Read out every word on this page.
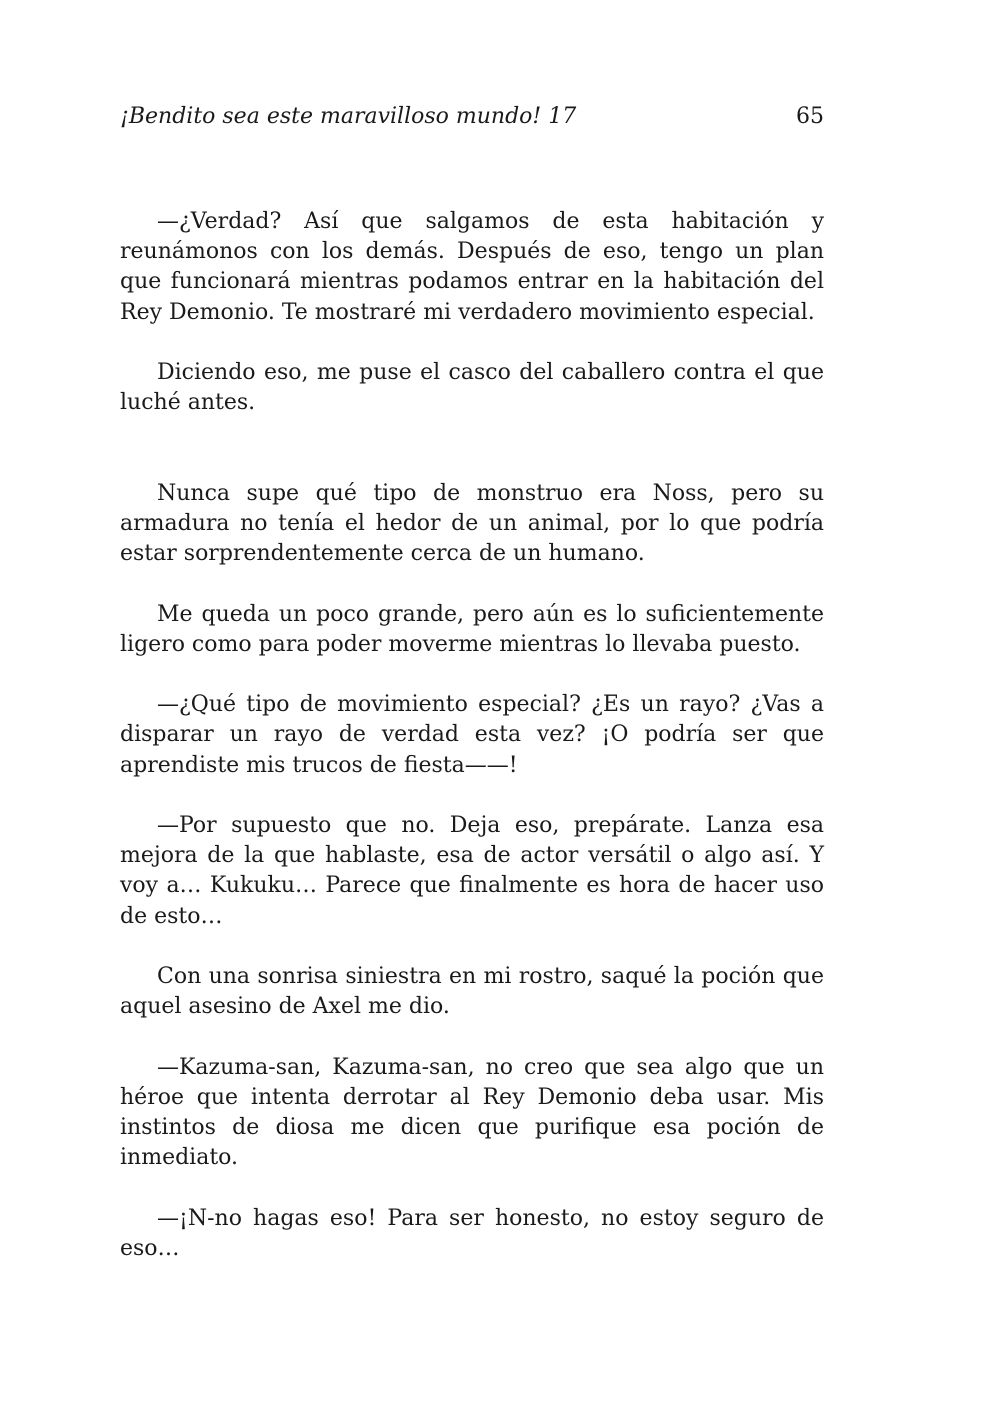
¡Bendito sea este maravilloso mundo! 17	65

—¿Verdad? Así que salgamos de esta habitación y reunámonos con los demás. Después de eso, tengo un plan que funcionará mientras podamos entrar en la habitación del Rey Demonio. Te mostraré mi verdadero movimiento especial.

Diciendo eso, me puse el casco del caballero contra el que luché antes.

Nunca supe qué tipo de monstruo era Noss, pero su armadura no tenía el hedor de un animal, por lo que podría estar sorprendentemente cerca de un humano.

Me queda un poco grande, pero aún es lo suficientemente ligero como para poder moverme mientras lo llevaba puesto.

—¿Qué tipo de movimiento especial? ¿Es un rayo? ¿Vas a disparar un rayo de verdad esta vez? ¡O podría ser que aprendiste mis trucos de fiesta——!

—Por supuesto que no. Deja eso, prepárate. Lanza esa mejora de la que hablaste, esa de actor versátil o algo así. Y voy a… Kukuku… Parece que finalmente es hora de hacer uso de esto…

Con una sonrisa siniestra en mi rostro, saqué la poción que aquel asesino de Axel me dio.

—Kazuma-san, Kazuma-san, no creo que sea algo que un héroe que intenta derrotar al Rey Demonio deba usar. Mis instintos de diosa me dicen que purifique esa poción de inmediato.

—¡N-no hagas eso! Para ser honesto, no estoy seguro de eso…
